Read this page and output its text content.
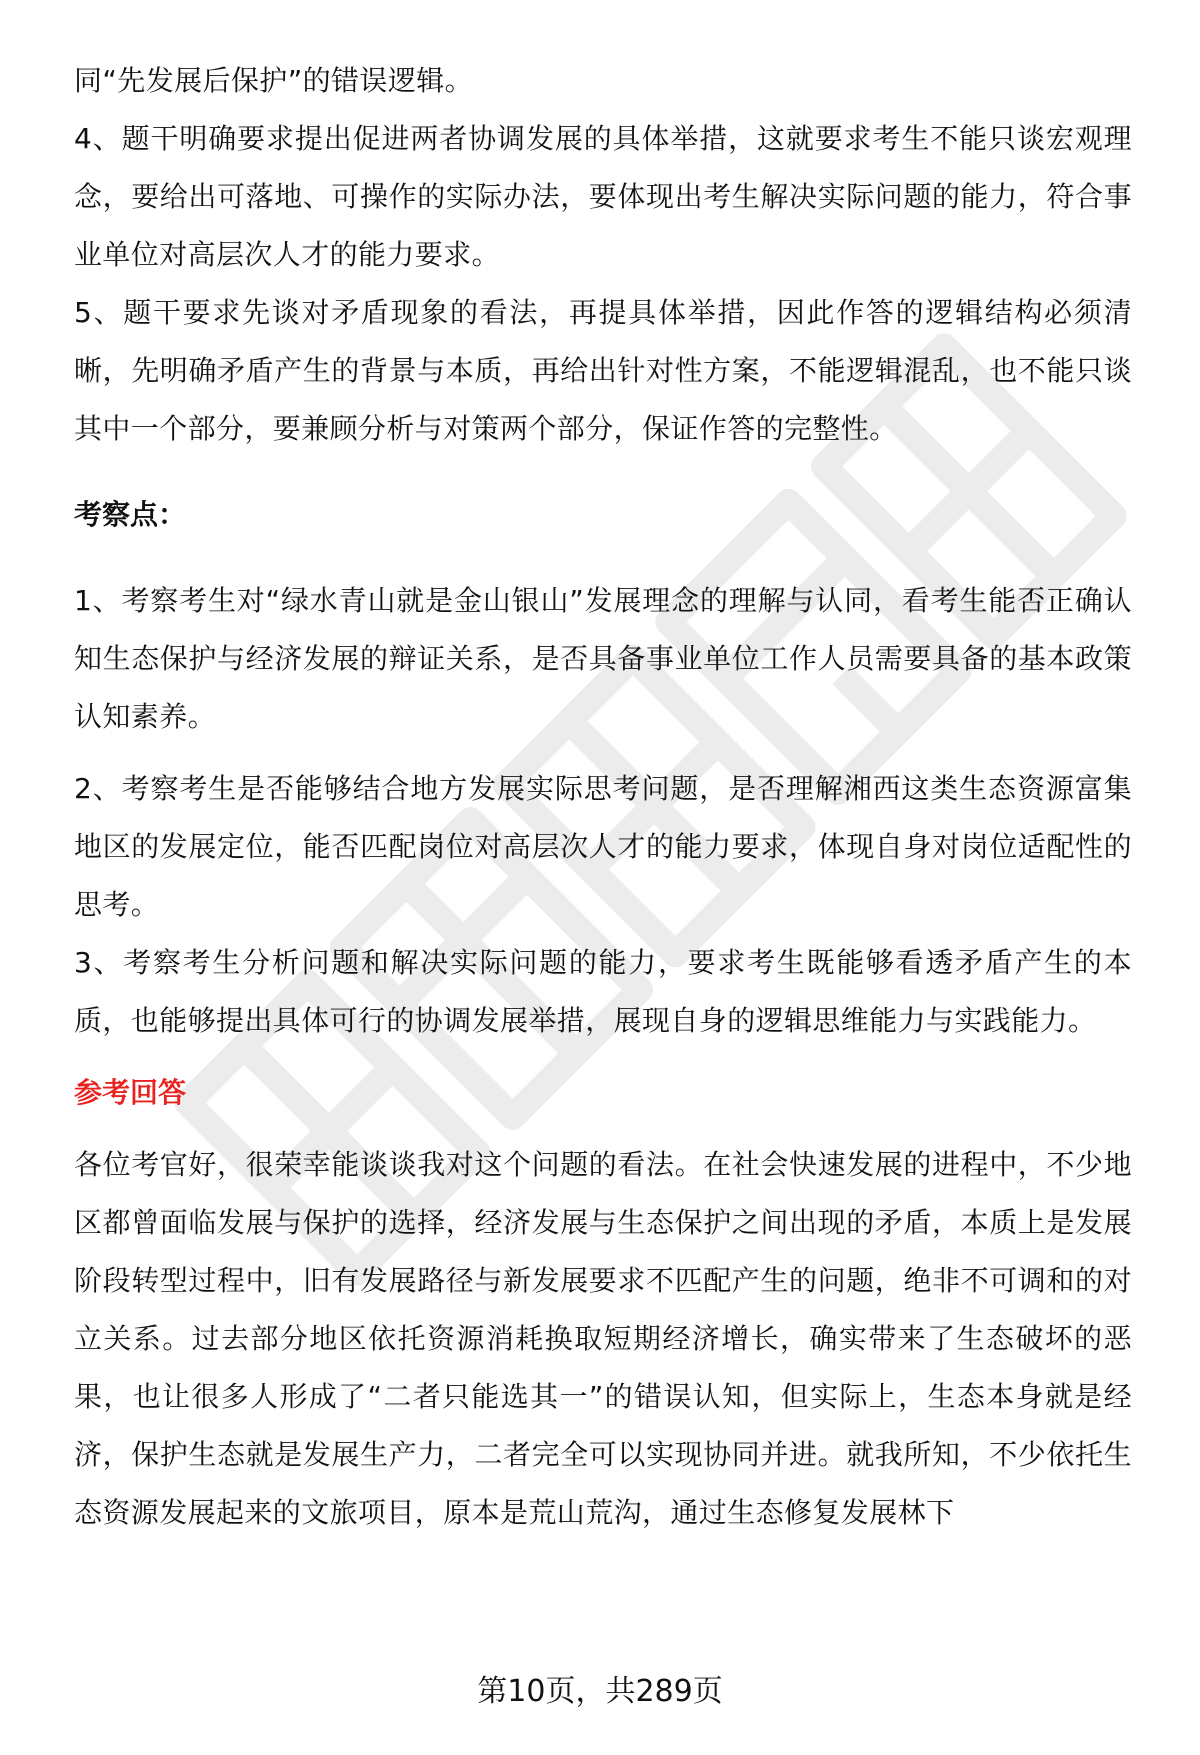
同“先发展后保护”的错误逻辑。

4、题干明确要求提出促进两者协调发展的具体举措，这就要求考生不能只谈宏观理念，要给出可落地、可操作的实际办法，要体现出考生解决实际问题的能力，符合事业单位对高层次人才的能力要求。

5、题干要求先谈对矛盾现象的看法，再提具体举措，因此作答的逻辑结构必须清晰，先明确矛盾产生的背景与本质，再给出针对性方案，不能逻辑混乱，也不能只谈其中一个部分，要兼顾分析与对策两个部分，保证作答的完整性。

考察点：

1、考察考生对“绿水青山就是金山银山”发展理念的理解与认同，看考生能否正确认知生态保护与经济发展的辩证关系，是否具备事业单位工作人员需要具备的基本政策认知素养。

2、考察考生是否能够结合地方发展实际思考问题，是否理解湘西这类生态资源富集地区的发展定位，能否匹配岗位对高层次人才的能力要求，体现自身对岗位适配性的思考。

3、考察考生分析问题和解决实际问题的能力，要求考生既能够看透矛盾产生的本质，也能够提出具体可行的协调发展举措，展现自身的逻辑思维能力与实践能力。

参考回答

各位考官好，很荣幸能谈谈我对这个问题的看法。在社会快速发展的进程中，不少地区都曾面临发展与保护的选择，经济发展与生态保护之间出现的矛盾，本质上是发展阶段转型过程中，旧有发展路径与新发展要求不匹配产生的问题，绝非不可调和的对立关系。过去部分地区依托资源消耗换取短期经济增长，确实带来了生态破坏的恶果，也让很多人形成了“二者只能选其一”的错误认知，但实际上，生态本身就是经济，保护生态就是发展生产力，二者完全可以实现协同并进。就我所知，不少依托生态资源发展起来的文旅项目，原本是荒山荒沟，通过生态修复发展林下

第10页，共289页
